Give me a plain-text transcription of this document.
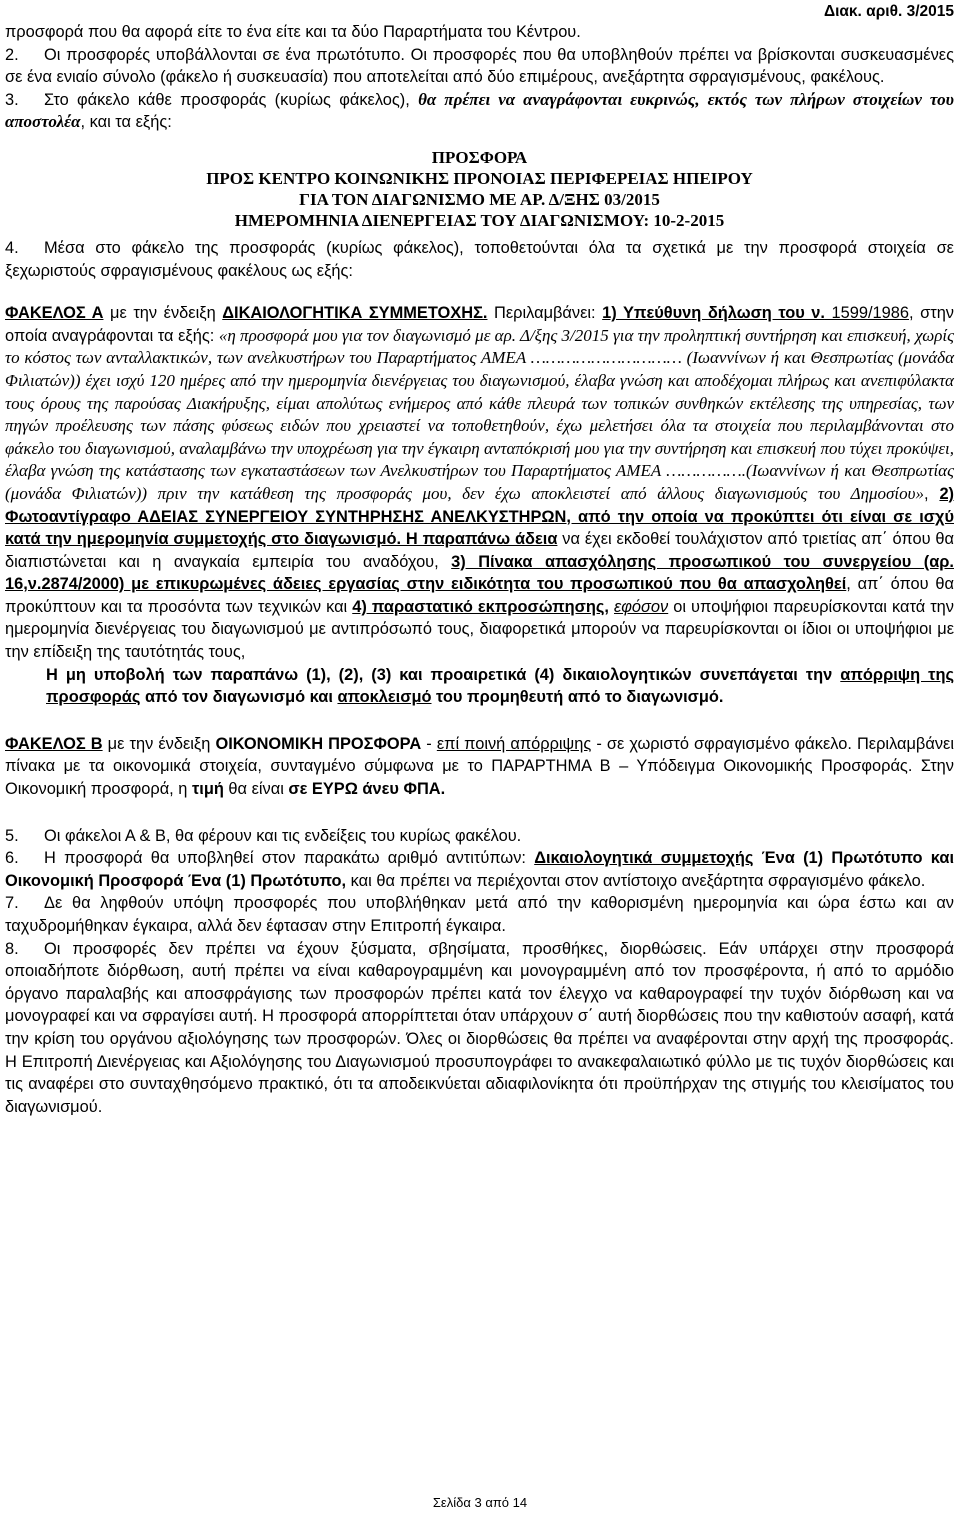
Διακ. αριθ. 3/2015

προσφορά που θα αφορά είτε το ένα είτε και τα δύο Παραρτήματα του Κέντρου.

2. Οι προσφορές υποβάλλονται σε ένα πρωτότυπο. Οι προσφορές που θα υποβληθούν πρέπει να βρίσκονται συσκευασμένες σε ένα ενιαίο σύνολο (φάκελο ή συσκευασία) που αποτελείται από δύο επιμέρους, ανεξάρτητα σφραγισμένους, φακέλους.

3. Στο φάκελο κάθε προσφοράς (κυρίως φάκελος), θα πρέπει να αναγράφονται ευκρινώς, εκτός των πλήρων στοιχείων του αποστολέα, και τα εξής:

ΠΡΟΣΦΟΡΑ
ΠΡΟΣ ΚΕΝΤΡΟ ΚΟΙΝΩΝΙΚΗΣ ΠΡΟΝΟΙΑΣ ΠΕΡΙΦΕΡΕΙΑΣ ΗΠΕΙΡΟΥ
ΓΙΑ ΤΟΝ ΔΙΑΓΩΝΙΣΜΟ ΜΕ ΑΡ. Δ/ΞΗΣ 03/2015
ΗΜΕΡΟΜΗΝΙΑ ΔΙΕΝΕΡΓΕΙΑΣ ΤΟΥ ΔΙΑΓΩΝΙΣΜΟΥ: 10-2-2015

4. Μέσα στο φάκελο της προσφοράς (κυρίως φάκελος), τοποθετούνται όλα τα σχετικά με την προσφορά στοιχεία σε ξεχωριστούς σφραγισμένους φακέλους ως εξής:

ΦΑΚΕΛΟΣ Α με την ένδειξη ΔΙΚΑΙΟΛΟΓΗΤΙΚΑ ΣΥΜΜΕΤΟΧΗΣ. Περιλαμβάνει: 1) Υπεύθυνη δήλωση του ν. 1599/1986, στην οποία αναγράφονται τα εξής: «η προσφορά μου για τον διαγωνισμό με αρ. Δ/ξης 3/2015 για την προληπτική συντήρηση και επισκευή, χωρίς το κόστος των ανταλλακτικών, των ανελκυστήρων του Παραρτήματος ΑΜΕΑ ………………………… (Ιωαννίνων ή και Θεσπρωτίας (μονάδα Φιλιατών)) έχει ισχύ 120 ημέρες από την ημερομηνία διενέργειας του διαγωνισμού, έλαβα γνώση και αποδέχομαι πλήρως και ανεπιφύλακτα τους όρους της παρούσας Διακήρυξης, είμαι απολύτως ενήμερος από κάθε πλευρά των τοπικών συνθηκών εκτέλεσης της υπηρεσίας, των πηγών προέλευσης των πάσης φύσεως ειδών που χρειαστεί να τοποθετηθούν, έχω μελετήσει όλα τα στοιχεία που περιλαμβάνονται στο φάκελο του διαγωνισμού, αναλαμβάνω την υποχρέωση για την έγκαιρη ανταπόκρισή μου για την συντήρηση και επισκευή που τύχει προκύψει, έλαβα γνώση της κατάστασης των εγκαταστάσεων των Ανελκυστήρων του Παραρτήματος ΑΜΕΑ …………….(Ιωαννίνων ή και Θεσπρωτίας (μονάδα Φιλιατών)) πριν την κατάθεση της προσφοράς μου, δεν έχω αποκλειστεί από άλλους διαγωνισμούς του Δημοσίου», 2) Φωτοαντίγραφο ΑΔΕΙΑΣ ΣΥΝΕΡΓΕΙΟΥ ΣΥΝΤΗΡΗΣΗΣ ΑΝΕΛΚΥΣΤΗΡΩΝ, από την οποία να προκύπτει ότι είναι σε ισχύ κατά την ημερομηνία συμμετοχής στο διαγωνισμό. Η παραπάνω άδεια να έχει εκδοθεί τουλάχιστον από τριετίας απ΄ όπου θα διαπιστώνεται και η αναγκαία εμπειρία του αναδόχου, 3) Πίνακα απασχόλησης προσωπικού του συνεργείου (αρ. 16,ν.2874/2000) με επικυρωμένες άδειες εργασίας στην ειδικότητα του προσωπικού που θα απασχοληθεί, απ΄ όπου θα προκύπτουν και τα προσόντα των τεχνικών και 4) παραστατικό εκπροσώπησης, εφόσον οι υποψήφιοι παρευρίσκονται κατά την ημερομηνία διενέργειας του διαγωνισμού με αντιπρόσωπό τους, διαφορετικά μπορούν να παρευρίσκονται οι ίδιοι οι υποψήφιοι με την επίδειξη της ταυτότητάς τους,

Η μη υποβολή των παραπάνω (1), (2), (3) και προαιρετικά (4) δικαιολογητικών συνεπάγεται την απόρριψη της προσφοράς από τον διαγωνισμό και αποκλεισμό του προμηθευτή από το διαγωνισμό.

ΦΑΚΕΛΟΣ Β με την ένδειξη ΟΙΚΟΝΟΜΙΚΗ ΠΡΟΣΦΟΡΑ - επί ποινή απόρριψης - σε χωριστό σφραγισμένο φάκελο. Περιλαμβάνει πίνακα με τα οικονομικά στοιχεία, συνταγμένο σύμφωνα με το ΠΑΡΑΡΤΗΜΑ Β – Υπόδειγμα Οικονομικής Προσφοράς. Στην Οικονομική προσφορά, η τιμή θα είναι σε ΕΥΡΩ άνευ ΦΠΑ.

5. Οι φάκελοι Α & Β, θα φέρουν και τις ενδείξεις του κυρίως φακέλου.

6. Η προσφορά θα υποβληθεί στον παρακάτω αριθμό αντιτύπων: Δικαιολογητικά συμμετοχής Ένα (1) Πρωτότυπο και Οικονομική Προσφορά Ένα (1) Πρωτότυπο, και θα πρέπει να περιέχονται στον αντίστοιχο ανεξάρτητα σφραγισμένο φάκελο.

7. Δε θα ληφθούν υπόψη προσφορές που υποβλήθηκαν μετά από την καθορισμένη ημερομηνία και ώρα έστω και αν ταχυδρομήθηκαν έγκαιρα, αλλά δεν έφτασαν στην Επιτροπή έγκαιρα.

8. Οι προσφορές δεν πρέπει να έχουν ξύσματα, σβησίματα, προσθήκες, διορθώσεις. Εάν υπάρχει στην προσφορά οποιαδήποτε διόρθωση, αυτή πρέπει να είναι καθαρογραμμένη και μονογραμμένη από τον προσφέροντα, ή από το αρμόδιο όργανο παραλαβής και αποσφράγισης των προσφορών πρέπει κατά τον έλεγχο να καθαρογραφεί την τυχόν διόρθωση και να μονογραφεί και να σφραγίσει αυτή. Η προσφορά απορρίπτεται όταν υπάρχουν σ΄ αυτή διορθώσεις που την καθιστούν ασαφή, κατά την κρίση του οργάνου αξιολόγησης των προσφορών. Όλες οι διορθώσεις θα πρέπει να αναφέρονται στην αρχή της προσφοράς. Η Επιτροπή Διενέργειας και Αξιολόγησης του Διαγωνισμού προσυπογράφει το ανακεφαλαιωτικό φύλλο με τις τυχόν διορθώσεις και τις αναφέρει στο συνταχθησόμενο πρακτικό, ότι τα αποδεικνύεται αδιαφιλονίκητα ότι προϋπήρχαν της στιγμής του κλεισίματος του διαγωνισμού.

Σελίδα 3 από 14
